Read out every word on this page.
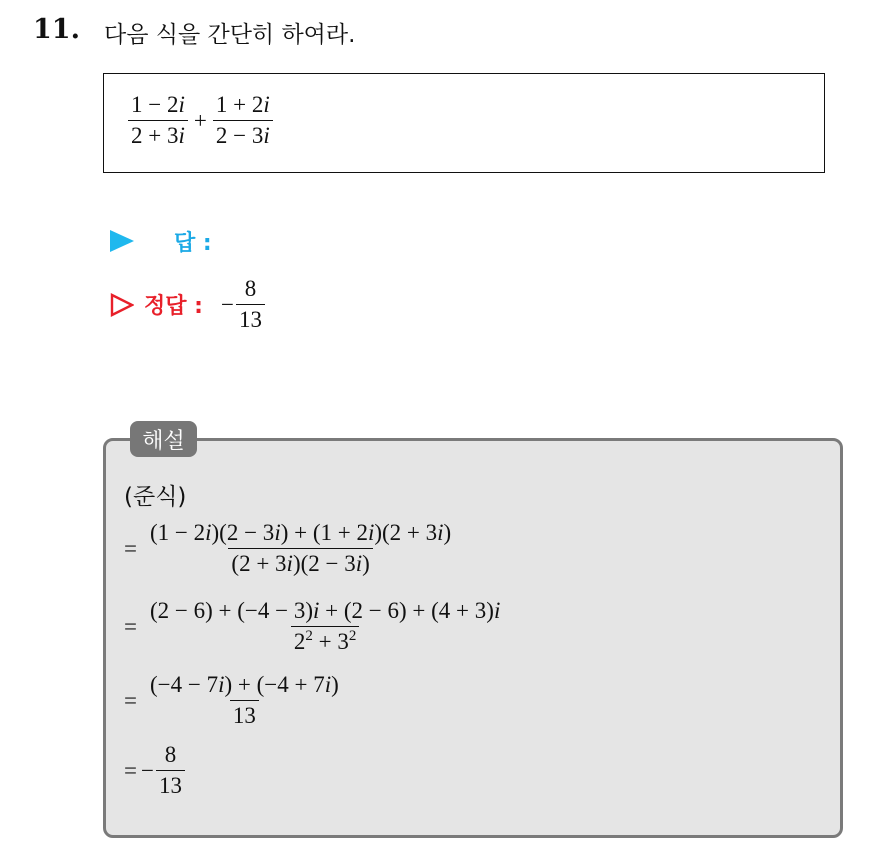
11. 다음 식을 간단히 하여라.
$\frac{1 - 2i}{2 + 3i} + \frac{1 + 2i}{2 - 3i}$
답 :
정답 : − $\frac{8}{13}$
해설
(준식)
= $\frac{(1 - 2i)(2 - 3i) + (1 + 2i)(2 + 3i)}{(2 + 3i)(2 - 3i)}$
= $\frac{(2 - 6) + (-4 - 3)i + (2 - 6) + (4 + 3)i}{2^2 + 3^2}$
= $\frac{(-4 - 7i) + (-4 + 7i)}{13}$
= − $\frac{8}{13}$
